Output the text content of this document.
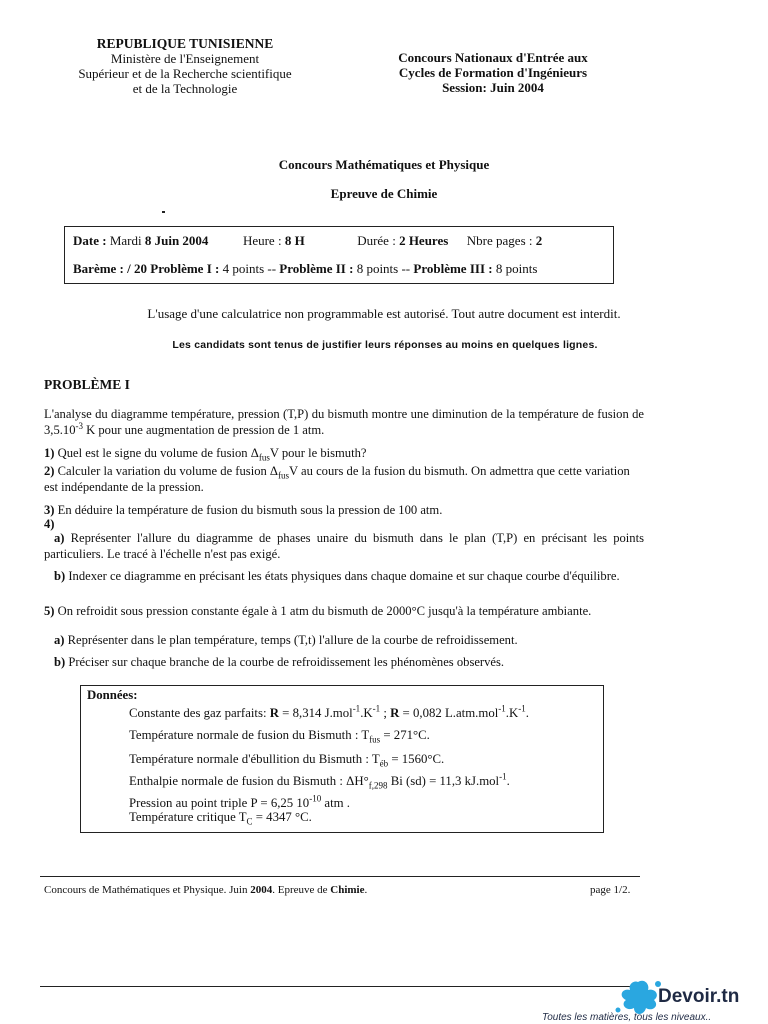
REPUBLIQUE TUNISIENNE
Ministère de l'Enseignement
Supérieur et de la Recherche scientifique
et de la Technologie
Concours Nationaux d'Entrée aux
Cycles de Formation d'Ingénieurs
Session: Juin 2004
Concours Mathématiques et Physique
Epreuve de Chimie
Date : Mardi 8 Juin 2004	Heure : 8 H	Durée : 2 Heures Nbre pages : 2
Barème : / 20 Problème I : 4 points -- Problème II : 8 points -- Problème III : 8 points
L'usage d'une calculatrice non programmable est autorisé. Tout autre document est interdit.
Les candidats sont tenus de justifier leurs réponses au moins en quelques lignes.
PROBLÈME I
L'analyse du diagramme température, pression (T,P) du bismuth montre une diminution de la température de fusion de $3,5.10^{-3}$ K pour une augmentation de pression de 1 atm.
1) Quel est le signe du volume de fusion $\Delta_{fus}V$ pour le bismuth?
2) Calculer la variation du volume de fusion $\Delta_{fus}V$ au cours de la fusion du bismuth. On admettra que cette variation est indépendante de la pression.
3) En déduire la température de fusion du bismuth sous la pression de 100 atm.
4)
a) Représenter l'allure du diagramme de phases unaire du bismuth dans le plan (T,P) en précisant les points particuliers. Le tracé à l'échelle n'est pas exigé.
b) Indexer ce diagramme en précisant les états physiques dans chaque domaine et sur chaque courbe d'équilibre.
5) On refroidit sous pression constante égale à 1 atm du bismuth de 2000°C jusqu'à la température ambiante.
a) Représenter dans le plan température, temps (T,t) l'allure de la courbe de refroidissement.
b) Préciser sur chaque branche de la courbe de refroidissement les phénomènes observés.
Données:
Constante des gaz parfaits: R = 8,314 $J.mol^{-1}.K^{-1}$ ; R = 0,082 $L.atm.mol^{-1}.K^{-1}$.
Température normale de fusion du Bismuth : $T_{fus} = 271^\circ C$.
Température normale d'ébullition du Bismuth : $T_{éb} = 1560^\circ C$.
Enthalpie normale de fusion du Bismuth : $\Delta H^\circ_{f,298}$ Bi (sd) = 11,3 kJ.mol$^{-1}$.
Pression au point triple P = 6,25 $10^{-10}$ atm .
Température critique $T_C = 4347$ °C.
Concours de Mathématiques et Physique. Juin 2004. Epreuve de Chimie.	page 1/2.
Devoir.tn
Toutes les matières, tous les niveaux..
